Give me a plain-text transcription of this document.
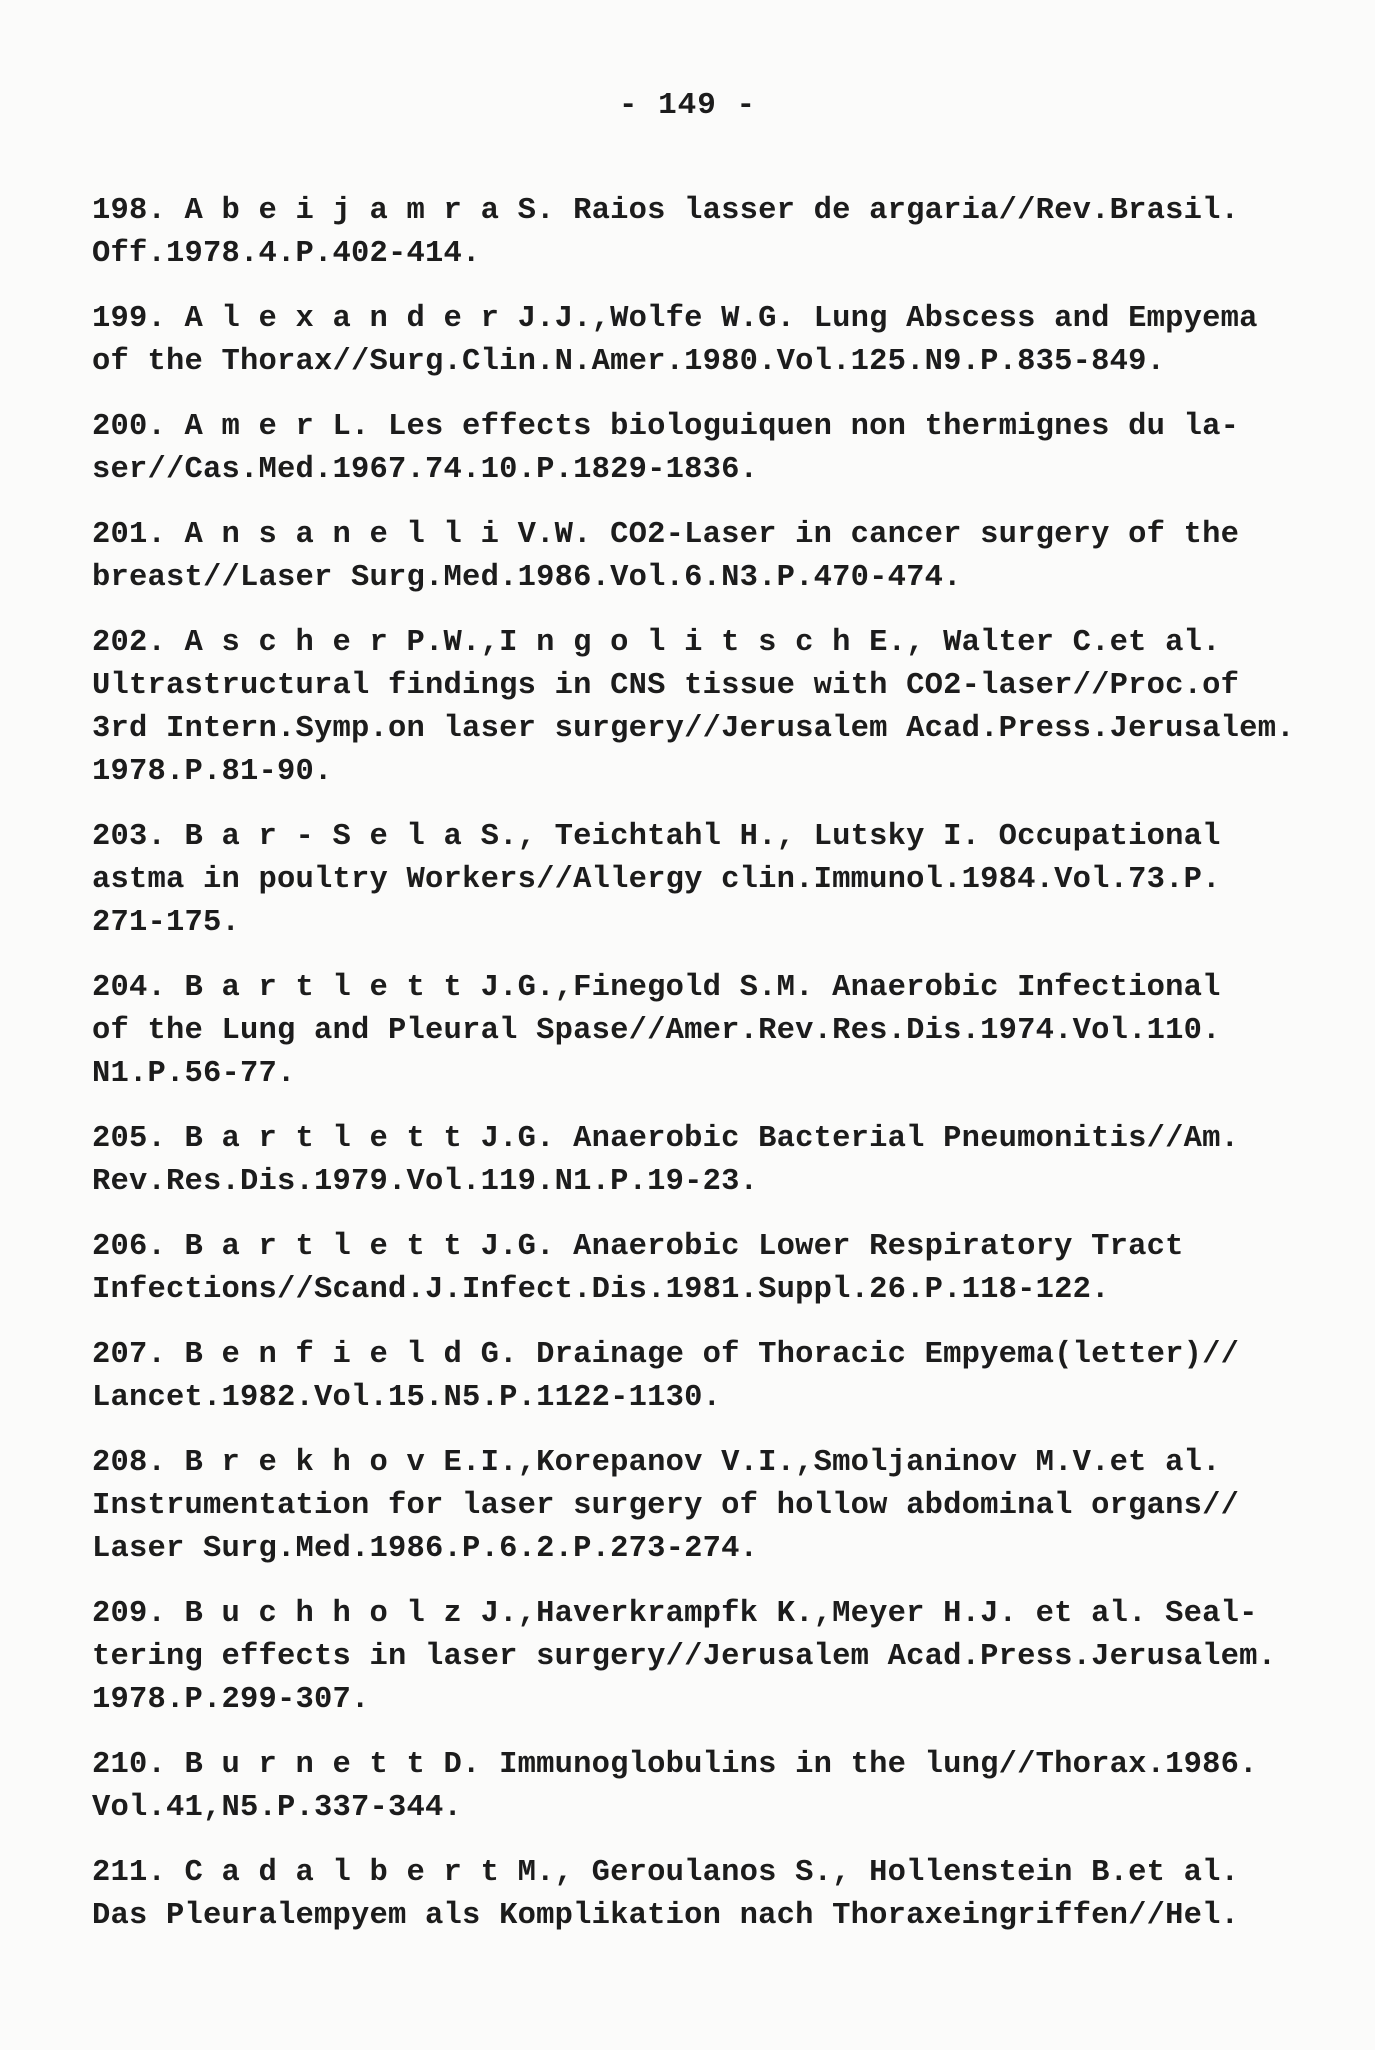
- 149 -
198. A b e i j a m r a S. Raios lasser de argaria//Rev.Brasil.
Off.1978.4.P.402-414.
199. A l e x a n d e r J.J.,Wolfe W.G. Lung Abscess and Empyema
of the Thorax//Surg.Clin.N.Amer.1980.Vol.125.N9.P.835-849.
200. A m e r L. Les effects biologuiquen non thermignes du la-
ser//Cas.Med.1967.74.10.P.1829-1836.
201. A n s a n e l l i V.W. CO2-Laser in cancer surgery of the
breast//Laser Surg.Med.1986.Vol.6.N3.P.470-474.
202. A s c h e r P.W.,I n g o l i t s c h E., Walter C.et al.
Ultrastructural findings in CNS tissue with CO2-laser//Proc.of
3rd Intern.Symp.on laser surgery//Jerusalem Acad.Press.Jerusalem.
1978.P.81-90.
203. B a r - S e l a S., Teichtahl H., Lutsky I. Occupational
astma in poultry Workers//Allergy clin.Immunol.1984.Vol.73.P.
271-175.
204. B a r t l e t t J.G.,Finegold S.M. Anaerobic Infectional
of the Lung and Pleural Spase//Amer.Rev.Res.Dis.1974.Vol.110.
N1.P.56-77.
205. B a r t l e t t J.G. Anaerobic Bacterial Pneumonitis//Am.
Rev.Res.Dis.1979.Vol.119.N1.P.19-23.
206. B a r t l e t t J.G. Anaerobic Lower Respiratory Tract
Infections//Scand.J.Infect.Dis.1981.Suppl.26.P.118-122.
207. B e n f i e l d G. Drainage of Thoracic Empyema(letter)//
Lancet.1982.Vol.15.N5.P.1122-1130.
208. B r e k h o v E.I.,Korepanov V.I.,Smoljaninov M.V.et al.
Instrumentation for laser surgery of hollow abdominal organs//
Laser Surg.Med.1986.P.6.2.P.273-274.
209. B u c h h o l z J.,Haverkrampfk K.,Meyer H.J. et al. Seal-
tering effects in laser surgery//Jerusalem Acad.Press.Jerusalem.
1978.P.299-307.
210. B u r n e t t D. Immunoglobulins in the lung//Thorax.1986.
Vol.41,N5.P.337-344.
211. C a d a l b e r t M., Geroulanos S., Hollenstein B.et al.
Das Pleuralempyem als Komplikation nach Thoraxeingriffen//Hel.
